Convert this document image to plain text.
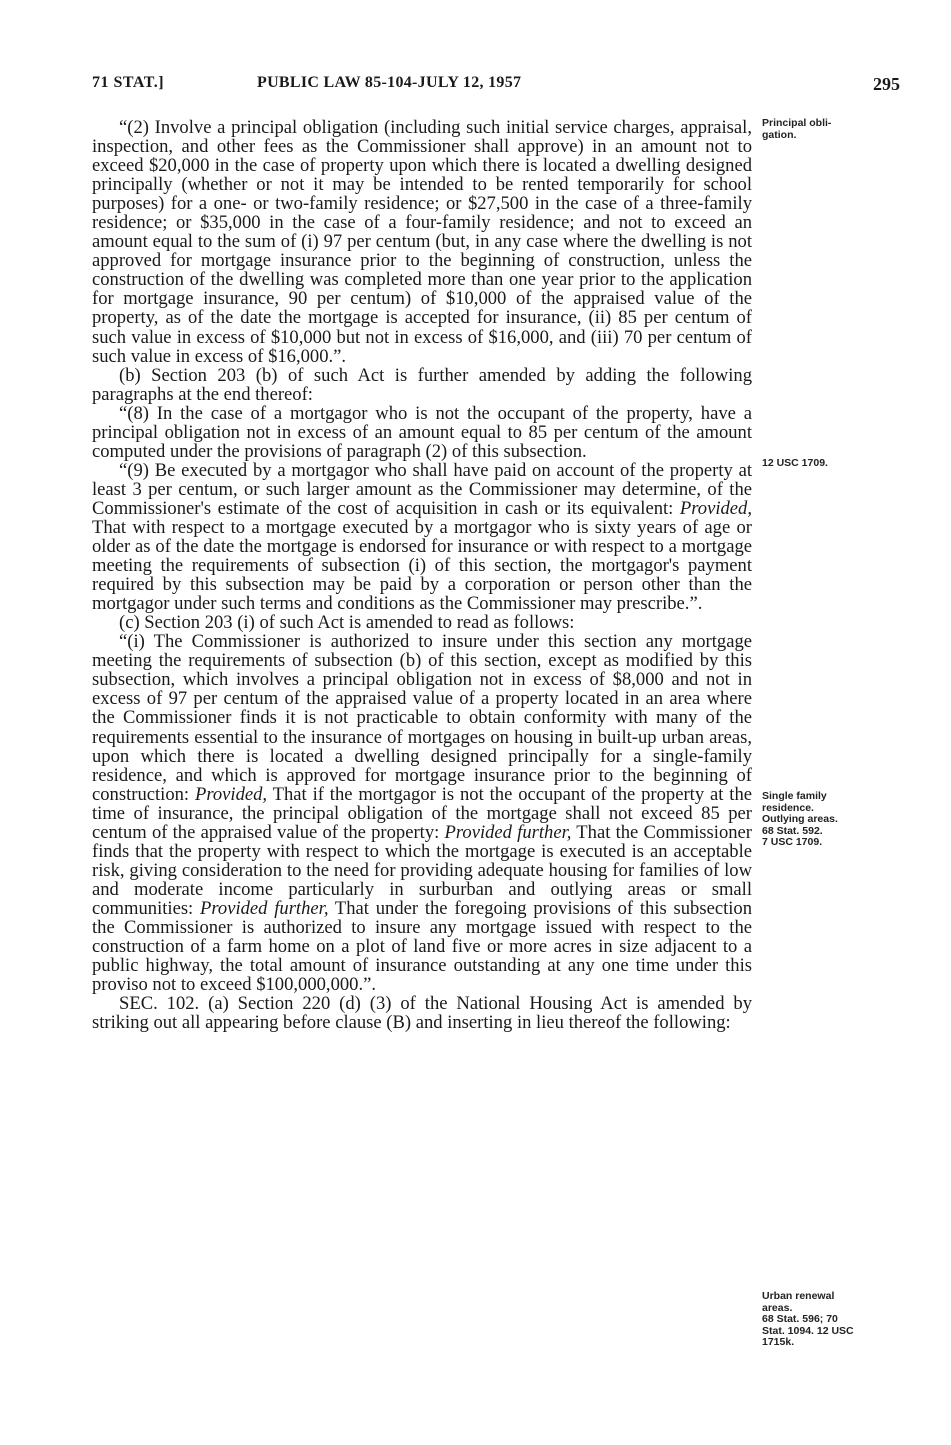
71 STAT.]	PUBLIC LAW 85-104-JULY 12, 1957	295

“(2) Involve a principal obligation (including such initial service charges, appraisal, inspection, and other fees as the Commissioner shall approve) in an amount not to exceed $20,000 in the case of property upon which there is located a dwelling designed principally (whether or not it may be intended to be rented temporarily for school purposes) for a one- or two-family residence; or $27,500 in the case of a three-family residence; or $35,000 in the case of a four-family residence; and not to exceed an amount equal to the sum of (i) 97 per centum (but, in any case where the dwelling is not approved for mortgage insurance prior to the beginning of construction, unless the construction of the dwelling was completed more than one year prior to the application for mortgage insurance, 90 per centum) of $10,000 of the appraised value of the property, as of the date the mortgage is accepted for insurance, (ii) 85 per centum of such value in excess of $10,000 but not in excess of $16,000, and (iii) 70 per centum of such value in excess of $16,000.”.

(b) Section 203 (b) of such Act is further amended by adding the following paragraphs at the end thereof:

“(8) In the case of a mortgagor who is not the occupant of the property, have a principal obligation not in excess of an amount equal to 85 per centum of the amount computed under the provisions of paragraph (2) of this subsection.

“(9) Be executed by a mortgagor who shall have paid on account of the property at least 3 per centum, or such larger amount as the Commissioner may determine, of the Commissioner's estimate of the cost of acquisition in cash or its equivalent: Provided, That with respect to a mortgage executed by a mortgagor who is sixty years of age or older as of the date the mortgage is endorsed for insurance or with respect to a mortgage meeting the requirements of subsection (i) of this section, the mortgagor's payment required by this subsection may be paid by a corporation or person other than the mortgagor under such terms and conditions as the Commissioner may prescribe.”.

(c) Section 203 (i) of such Act is amended to read as follows:

“(i) The Commissioner is authorized to insure under this section any mortgage meeting the requirements of subsection (b) of this section, except as modified by this subsection, which involves a principal obligation not in excess of $8,000 and not in excess of 97 per centum of the appraised value of a property located in an area where the Commissioner finds it is not practicable to obtain conformity with many of the requirements essential to the insurance of mortgages on housing in built-up urban areas, upon which there is located a dwelling designed principally for a single-family residence, and which is approved for mortgage insurance prior to the beginning of construction: Provided, That if the mortgagor is not the occupant of the property at the time of insurance, the principal obligation of the mortgage shall not exceed 85 per centum of the appraised value of the property: Provided further, That the Commissioner finds that the property with respect to which the mortgage is executed is an acceptable risk, giving consideration to the need for providing adequate housing for families of low and moderate income particularly in surburban and outlying areas or small communities: Provided further, That under the foregoing provisions of this subsection the Commissioner is authorized to insure any mortgage issued with respect to the construction of a farm home on a plot of land five or more acres in size adjacent to a public highway, the total amount of insurance outstanding at any one time under this proviso not to exceed $100,000,000.”.

SEC. 102. (a) Section 220 (d) (3) of the National Housing Act is amended by striking out all appearing before clause (B) and inserting in lieu thereof the following:

Principal obli-
gation.
12 USC 1709.
Single family
residence.
Outlying areas.
68 Stat. 592.
7 USC 1709.
Urban renewal
areas.
68 Stat. 596; 70
Stat. 1094. 12 USC
1715k.
